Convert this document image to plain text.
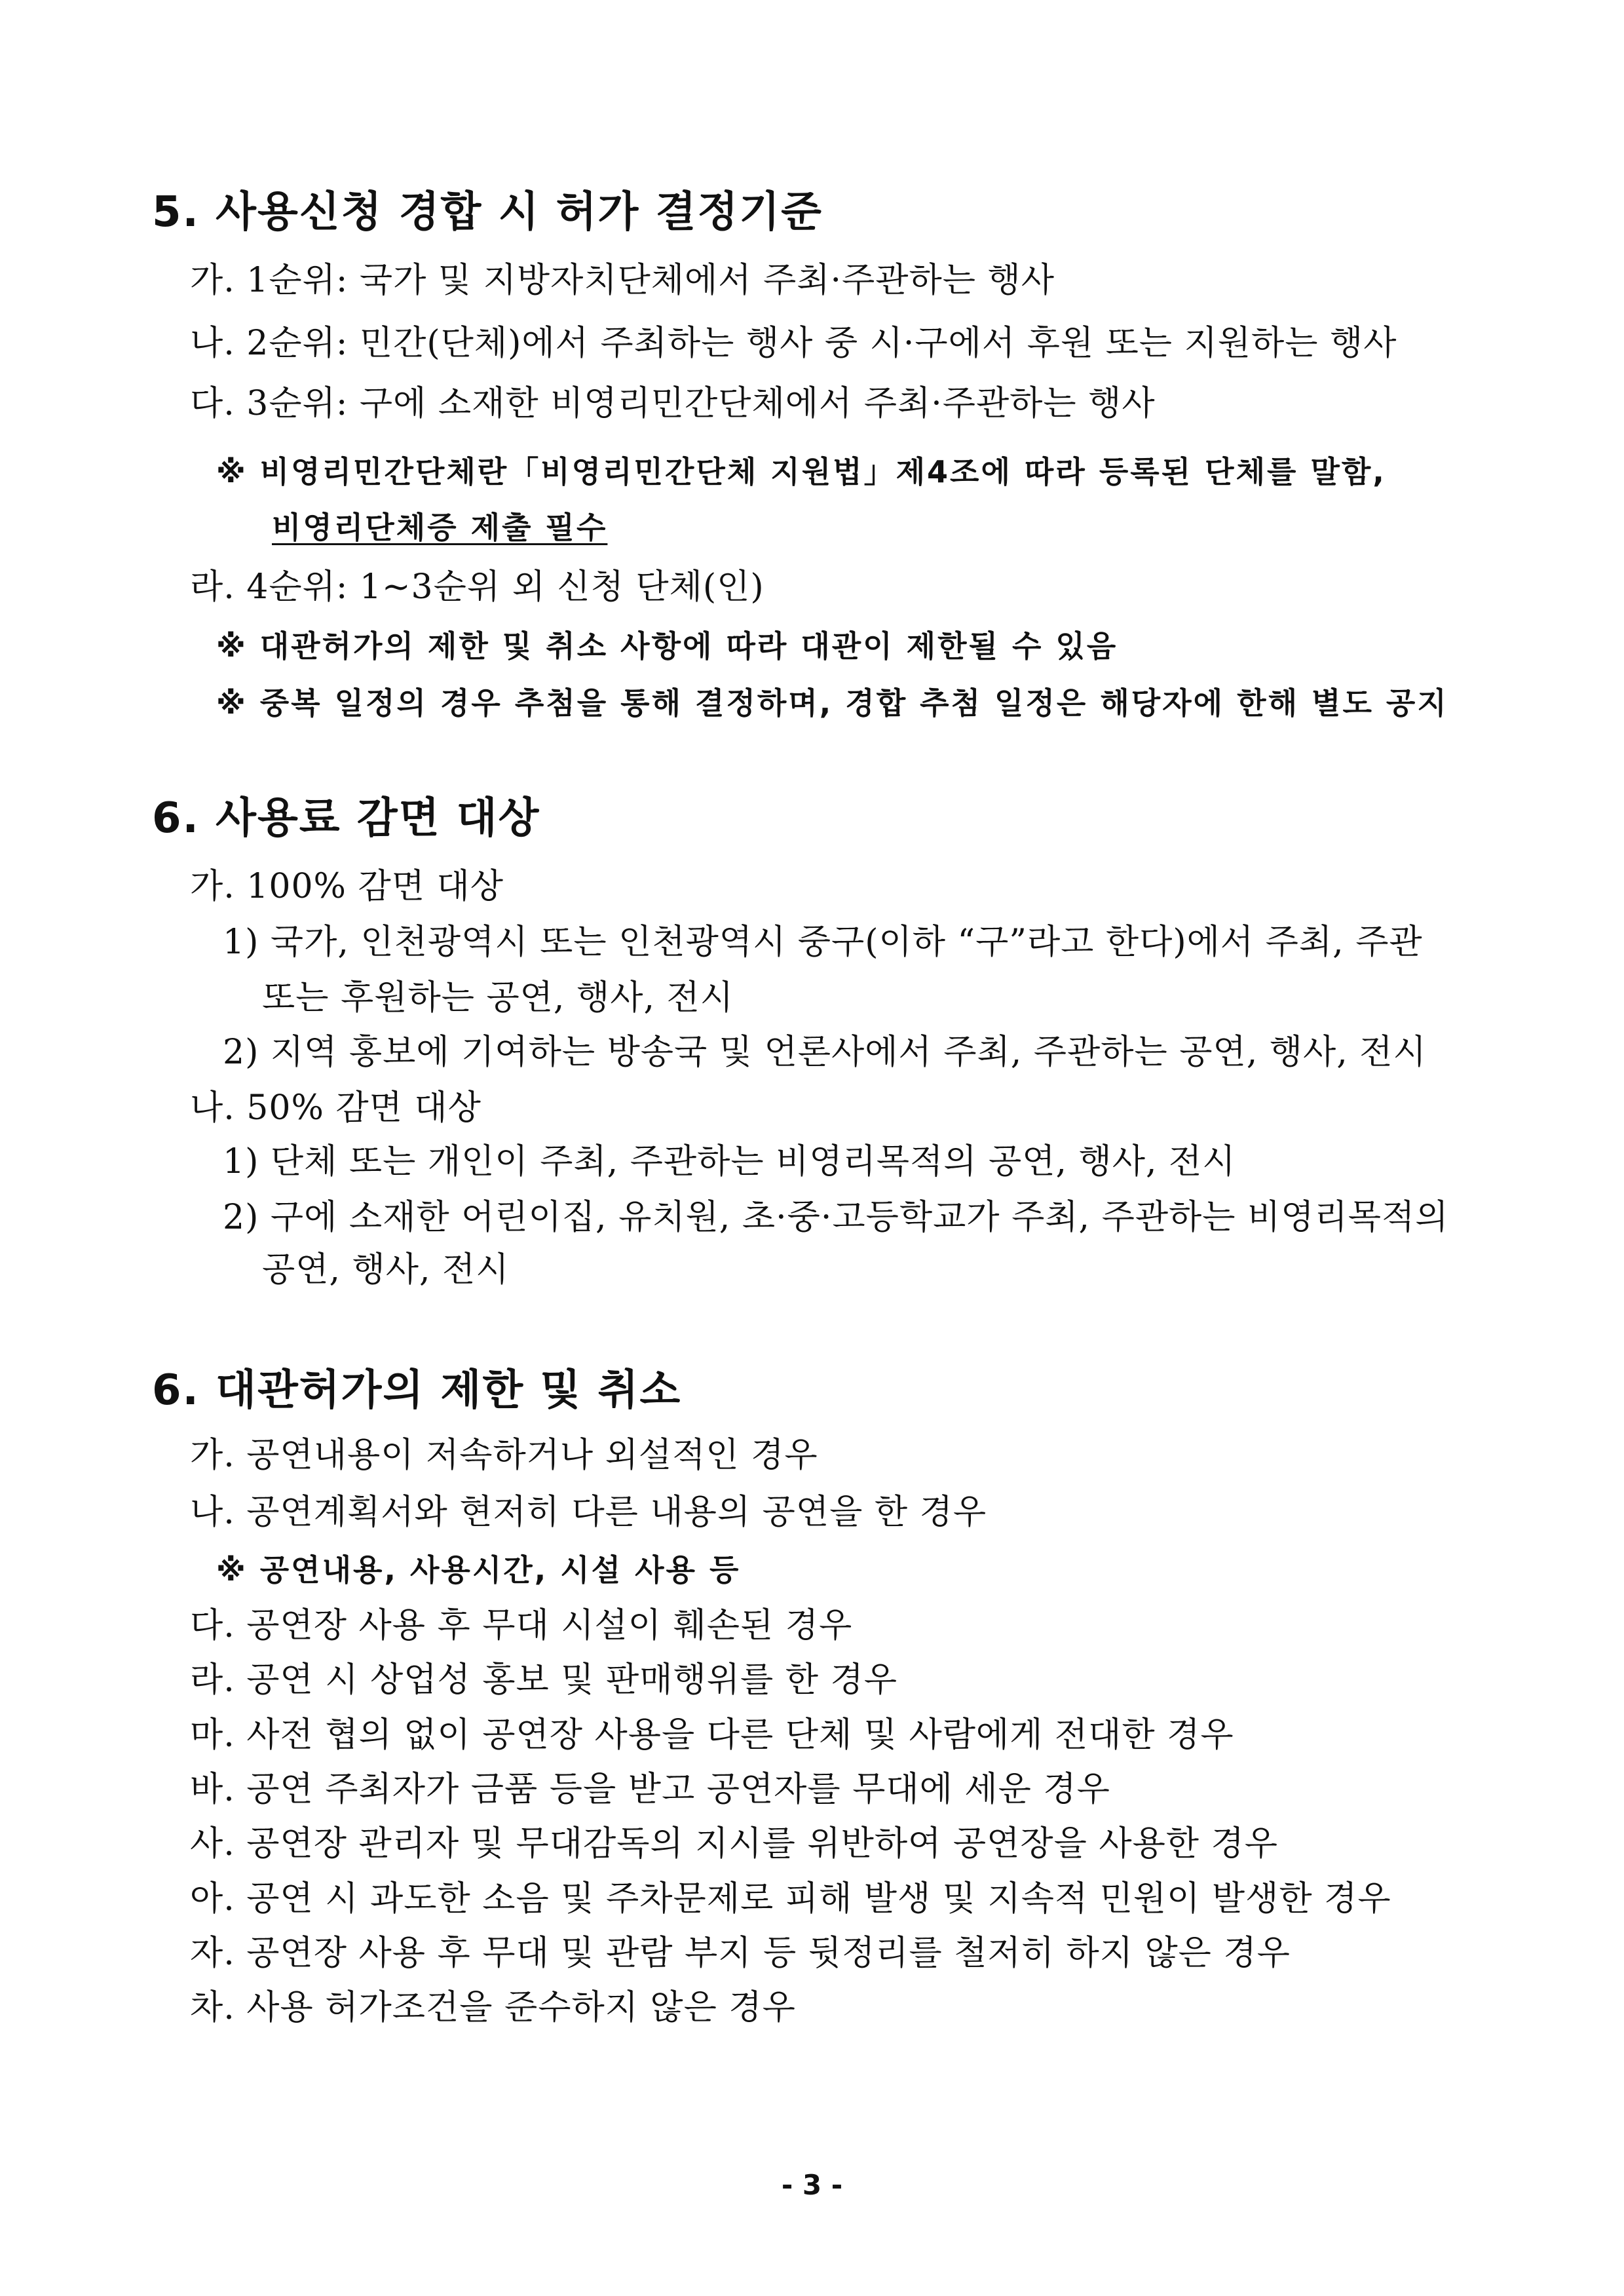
5. 사용신청 경합 시 허가 결정기준

가. 1순위: 국가 및 지방자치단체에서 주최·주관하는 행사

나. 2순위: 민간(단체)에서 주최하는 행사 중 시·구에서 후원 또는 지원하는 행사

다. 3순위: 구에 소재한 비영리민간단체에서 주최·주관하는 행사

※ 비영리민간단체란「비영리민간단체 지원법」제4조에 따라 등록된 단체를 말함,

비영리단체증 제출 필수

라. 4순위: 1~3순위 외 신청 단체(인)

※ 대관허가의 제한 및 취소 사항에 따라 대관이 제한될 수 있음

※ 중복 일정의 경우 추첨을 통해 결정하며, 경합 추첨 일정은 해당자에 한해 별도 공지

6. 사용료 감면 대상

가. 100% 감면 대상

1) 국가, 인천광역시 또는 인천광역시 중구(이하 “구”라고 한다)에서 주최, 주관

또는 후원하는 공연, 행사, 전시

2) 지역 홍보에 기여하는 방송국 및 언론사에서 주최, 주관하는 공연, 행사, 전시

나. 50% 감면 대상

1) 단체 또는 개인이 주최, 주관하는 비영리목적의 공연, 행사, 전시

2) 구에 소재한 어린이집, 유치원, 초·중·고등학교가 주최, 주관하는 비영리목적의

공연, 행사, 전시

6. 대관허가의 제한 및 취소

가. 공연내용이 저속하거나 외설적인 경우

나. 공연계획서와 현저히 다른 내용의 공연을 한 경우

※ 공연내용, 사용시간, 시설 사용 등

다. 공연장 사용 후 무대 시설이 훼손된 경우

라. 공연 시 상업성 홍보 및 판매행위를 한 경우

마. 사전 협의 없이 공연장 사용을 다른 단체 및 사람에게 전대한 경우

바. 공연 주최자가 금품 등을 받고 공연자를 무대에 세운 경우

사. 공연장 관리자 및 무대감독의 지시를 위반하여 공연장을 사용한 경우

아. 공연 시 과도한 소음 및 주차문제로 피해 발생 및 지속적 민원이 발생한 경우

자. 공연장 사용 후 무대 및 관람 부지 등 뒷정리를 철저히 하지 않은 경우

차. 사용 허가조건을 준수하지 않은 경우

- 3 -
